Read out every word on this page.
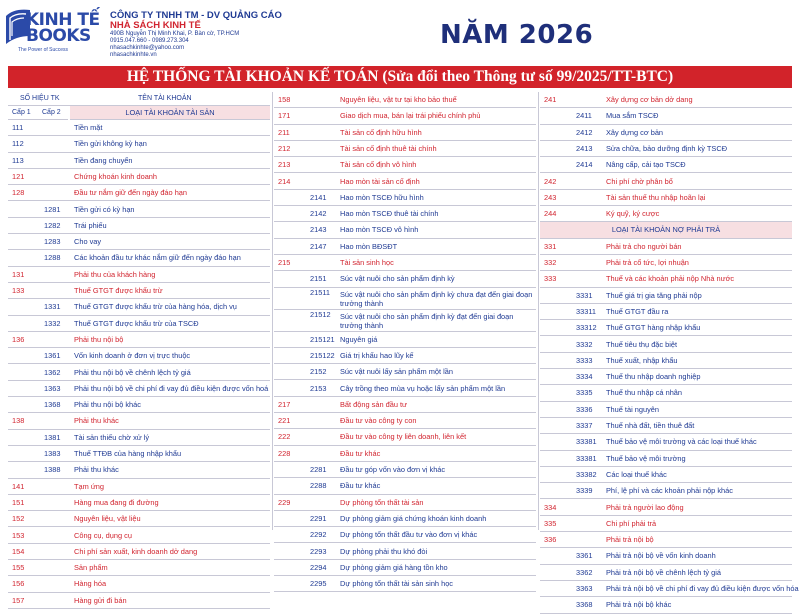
KINH TẾ
BOOKS
The Power of Success
CÔNG TY TNHH TM - DV QUẢNG CÁO
NHÀ SÁCH KINH TẾ
490B Nguyễn Thị Minh Khai, P. Bàn cờ, TP.HCM
0915.047.660 - 0989.273.304
nhasachkinhte@yahoo.com
nhasachkinhte.vn
NĂM 2026
HỆ THỐNG TÀI KHOẢN KẾ TOÁN (Sửa đổi theo Thông tư số 99/2025/TT-BTC)
SỐ HIỆU TK	TÊN TÀI KHOẢN
Cấp 1 Cấp 2	LOẠI TÀI KHOẢN TÀI SẢN
111	Tiền mặt
112	Tiền gửi không kỳ hạn
113	Tiền đang chuyển
121	Chứng khoán kinh doanh
128	Đầu tư nắm giữ đến ngày đáo hạn
1281 Tiền gửi có kỳ hạn
1282 Trái phiếu
1283 Cho vay
1288 Các khoản đầu tư khác nắm giữ đến ngày đáo hạn
131	Phải thu của khách hàng
133	Thuế GTGT được khấu trừ
1331 Thuế GTGT được khấu trừ của hàng hóa, dịch vụ
1332 Thuế GTGT được khấu trừ của TSCĐ
136	Phải thu nội bộ
1361 Vốn kinh doanh ở đơn vị trực thuộc
1362 Phải thu nội bộ về chênh lệch tỷ giá
1363 Phải thu nội bộ về chi phí đi vay đủ điều kiện được vốn hoá
1368 Phải thu nội bộ khác
138	Phải thu khác
1381 Tài sản thiếu chờ xử lý
1383 Thuế TTĐB của hàng nhập khẩu
1388 Phải thu khác
141	Tạm ứng
151	Hàng mua đang đi đường
152	Nguyên liệu, vật liệu
153	Công cụ, dụng cụ
154	Chi phí sản xuất, kinh doanh dở dang
155	Sản phẩm
156	Hàng hóa
157	Hàng gửi đi bán
158	Nguyên liệu, vật tư tại kho bảo thuế
171	Giao dịch mua, bán lại trái phiếu chính phủ
211	Tài sản cố định hữu hình
212	Tài sản cố định thuê tài chính
213	Tài sản cố định vô hình
214	Hao mòn tài sản cố định
2141 Hao mòn TSCĐ hữu hình
2142 Hao mòn TSCĐ thuê tài chính
2143 Hao mòn TSCĐ vô hình
2147 Hao mòn BĐSĐT
215	Tài sản sinh học
2151 Súc vật nuôi cho sản phẩm định kỳ
21511 Súc vật nuôi cho sản phẩm định kỳ chưa đạt đến giai đoạn trưởng thành
21512 Súc vật nuôi cho sản phẩm định kỳ đạt đến giai đoạn trưởng thành
215121 Nguyên giá
215122 Giá trị khấu hao lũy kế
2152 Súc vật nuôi lấy sản phẩm một lần
2153 Cây trồng theo mùa vụ hoặc lấy sản phẩm một lần
217	Bất động sản đầu tư
221	Đầu tư vào công ty con
222	Đầu tư vào công ty liên doanh, liên kết
228	Đầu tư khác
2281 Đầu tư góp vốn vào đơn vị khác
2288 Đầu tư khác
229	Dự phòng tổn thất tài sản
2291 Dự phòng giảm giá chứng khoán kinh doanh
2292 Dự phòng tổn thất đầu tư vào đơn vị khác
2293 Dự phòng phải thu khó đòi
2294 Dự phòng giảm giá hàng tồn kho
2295 Dự phòng tổn thất tài sản sinh học
241	Xây dựng cơ bản dở dang
2411 Mua sắm TSCĐ
2412 Xây dựng cơ bản
2413 Sửa chữa, bảo dưỡng định kỳ TSCĐ
2414 Nâng cấp, cải tạo TSCĐ
242	Chi phí chờ phân bổ
243	Tài sản thuế thu nhập hoãn lại
244	Ký quỹ, ký cược
LOẠI TÀI KHOẢN NỢ PHẢI TRẢ
331	Phải trả cho người bán
332	Phải trả cổ tức, lợi nhuận
333	Thuế và các khoản phải nộp Nhà nước
3331 Thuế giá trị gia tăng phải nộp
33311 Thuế GTGT đầu ra
33312 Thuế GTGT hàng nhập khẩu
3332 Thuế tiêu thụ đặc biệt
3333 Thuế xuất, nhập khẩu
3334 Thuế thu nhập doanh nghiệp
3335 Thuế thu nhập cá nhân
3336 Thuế tài nguyên
3337 Thuế nhà đất, tiền thuê đất
33381 Thuế bảo vệ môi trường và các loại thuế khác
33381 Thuế bảo vệ môi trường
33382 Các loại thuế khác
3339 Phí, lệ phí và các khoản phải nộp khác
334	Phải trả người lao động
335	Chi phí phải trả
336	Phải trả nội bộ
3361 Phải trả nội bộ về vốn kinh doanh
3362 Phải trả nội bộ về chênh lệch tỷ giá
3363 Phải trả nội bộ về chi phí đi vay đủ điều kiện được vốn hóa
3368 Phải trả nội bộ khác
